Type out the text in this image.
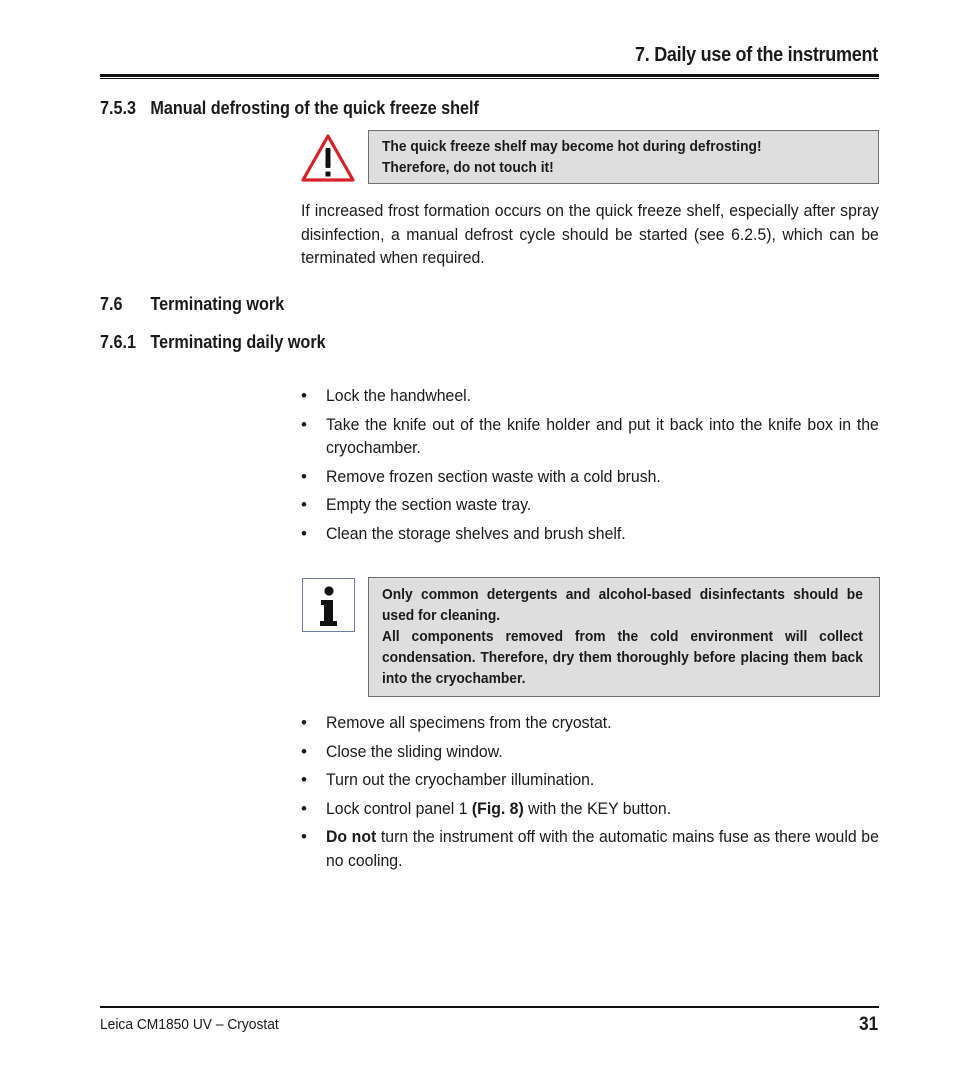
7. Daily use of the instrument
7.5.3 Manual defrosting of the quick freeze shelf
The quick freeze shelf may become hot during defrosting!
Therefore, do not touch it!
If increased frost formation occurs on the quick freeze shelf, especially after spray disinfection, a manual defrost cycle should be started (see 6.2.5), which can be terminated when required.
7.6 Terminating work
7.6.1 Terminating daily work
• Lock the handwheel.
• Take the knife out of the knife holder and put it back into the knife box in the cryochamber.
• Remove frozen section waste with a cold brush.
• Empty the section waste tray.
• Clean the storage shelves and brush shelf.
Only common detergents and alcohol-based disinfectants should be used for cleaning.
All components removed from the cold environment will collect condensation. Therefore, dry them thoroughly before placing them back into the cryochamber.
• Remove all specimens from the cryostat.
• Close the sliding window.
• Turn out the cryochamber illumination.
• Lock control panel 1 (Fig. 8) with the KEY button.
• Do not turn the instrument off with the automatic mains fuse as there would be no cooling.
Leica CM1850 UV – Cryostat	31
